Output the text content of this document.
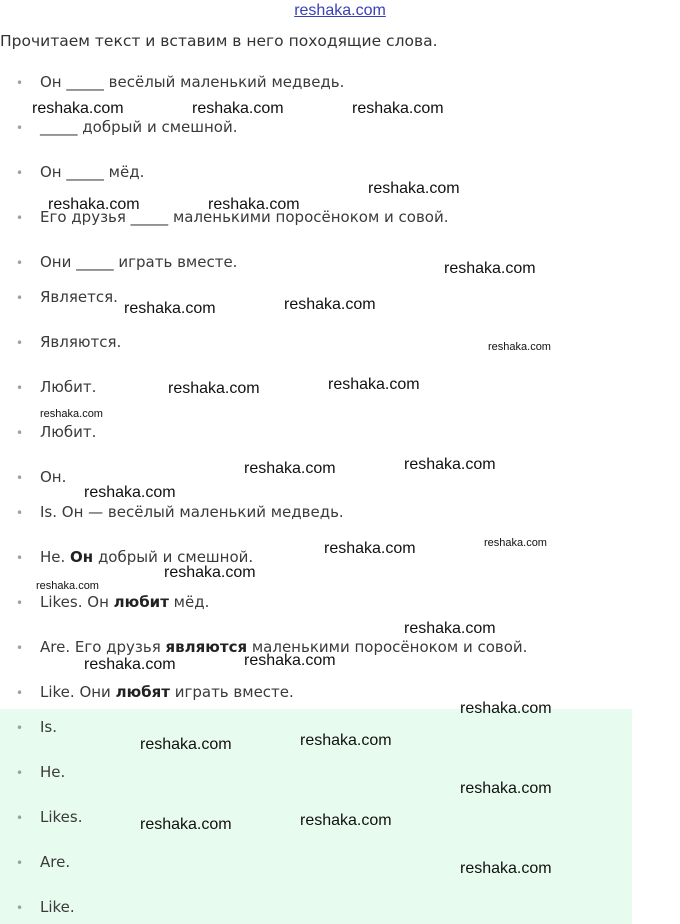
reshaka.com
Прочитаем текст и вставим в него походящие слова.
• Он _____ весёлый маленький медведь.
• _____ добрый и смешной.
• Он _____ мёд.
• Его друзья _____ маленькими поросёноком и совой.
• Они _____ играть вместе.
• Является.
• Являются.
• Любит.
• Любит.
• Он.
• Is. Он — весёлый маленький медведь.
• He. Он добрый и смешной.
• Likes. Он любит мёд.
• Are. Его друзья являются маленькими поросёноком и совой.
• Like. Они любят играть вместе.
• Is.
• He.
• Likes.
• Are.
• Like.
reshaka.com	reshaka.com	reshaka.com
reshaka.com
reshaka.com	reshaka.com
reshaka.com
reshaka.com
reshaka.com
reshaka.com
reshaka.com
reshaka.com
reshaka.com
reshaka.com
reshaka.com
reshaka.com
reshaka.com
reshaka.com
reshaka.com
reshaka.com
reshaka.com
reshaka.com
reshaka.com
reshaka.com
reshaka.com
reshaka.com
reshaka.com
reshaka.com
reshaka.com
reshaka.com
